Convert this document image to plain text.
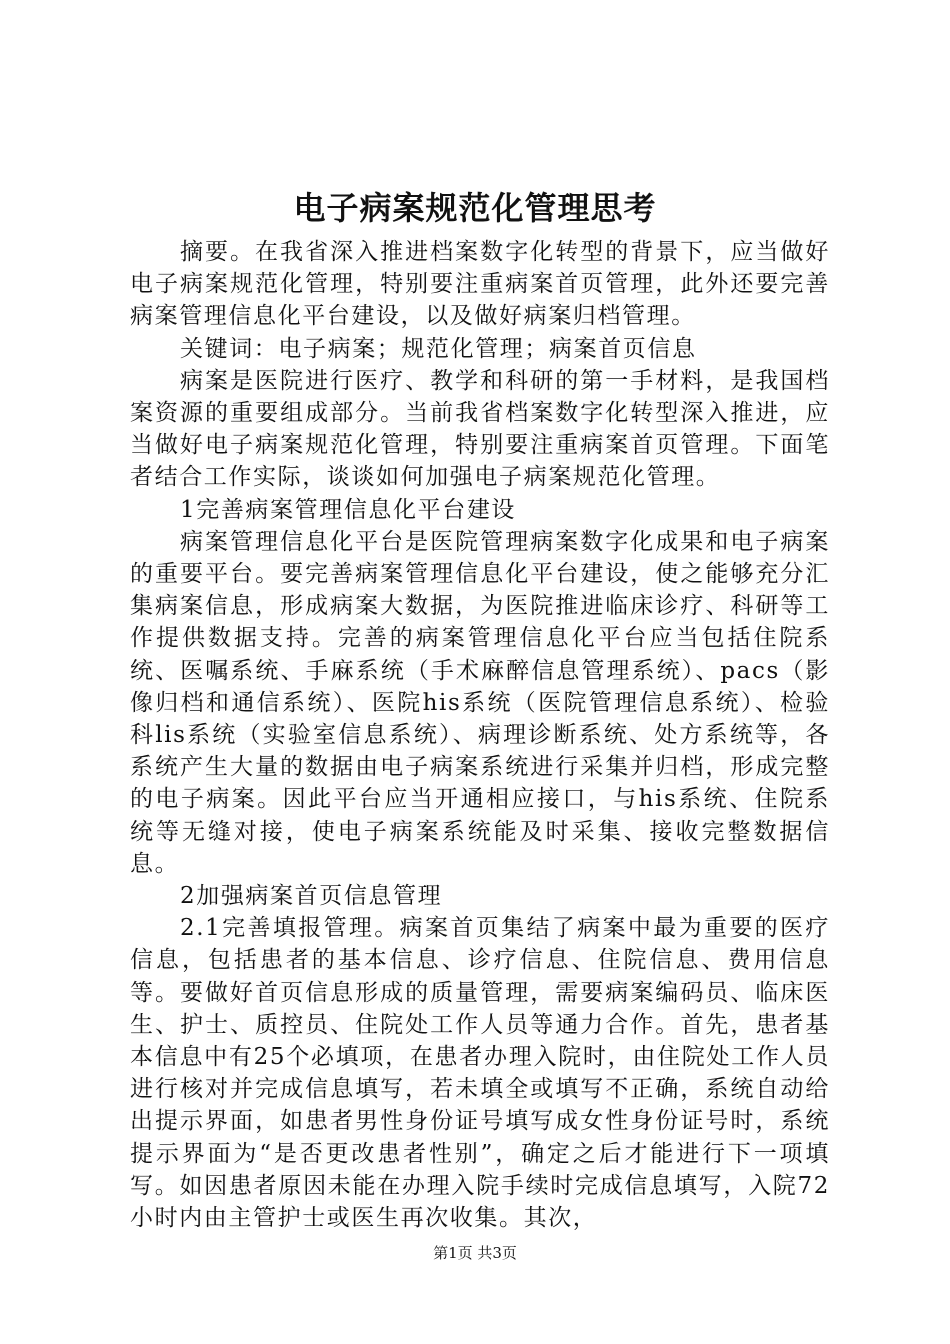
电子病案规范化管理思考

摘要。在我省深入推进档案数字化转型的背景下，应当做好电子病案规范化管理，特别要注重病案首页管理，此外还要完善病案管理信息化平台建设，以及做好病案归档管理。

关键词：电子病案；规范化管理；病案首页信息

病案是医院进行医疗、教学和科研的第一手材料，是我国档案资源的重要组成部分。当前我省档案数字化转型深入推进，应当做好电子病案规范化管理，特别要注重病案首页管理。下面笔者结合工作实际，谈谈如何加强电子病案规范化管理。

1完善病案管理信息化平台建设

病案管理信息化平台是医院管理病案数字化成果和电子病案的重要平台。要完善病案管理信息化平台建设，使之能够充分汇集病案信息，形成病案大数据，为医院推进临床诊疗、科研等工作提供数据支持。完善的病案管理信息化平台应当包括住院系统、医嘱系统、手麻系统（手术麻醉信息管理系统）、pacs（影像归档和通信系统）、医院his系统（医院管理信息系统）、检验科lis系统（实验室信息系统）、病理诊断系统、处方系统等，各系统产生大量的数据由电子病案系统进行采集并归档，形成完整的电子病案。因此平台应当开通相应接口，与his系统、住院系统等无缝对接，使电子病案系统能及时采集、接收完整数据信息。

2加强病案首页信息管理

2.1完善填报管理。病案首页集结了病案中最为重要的医疗信息，包括患者的基本信息、诊疗信息、住院信息、费用信息等。要做好首页信息形成的质量管理，需要病案编码员、临床医生、护士、质控员、住院处工作人员等通力合作。首先，患者基本信息中有25个必填项，在患者办理入院时，由住院处工作人员进行核对并完成信息填写，若未填全或填写不正确，系统自动给出提示界面，如患者男性身份证号填写成女性身份证号时，系统提示界面为“是否更改患者性别”，确定之后才能进行下一项填写。如因患者原因未能在办理入院手续时完成信息填写，入院72小时内由主管护士或医生再次收集。其次，

第1页 共3页
